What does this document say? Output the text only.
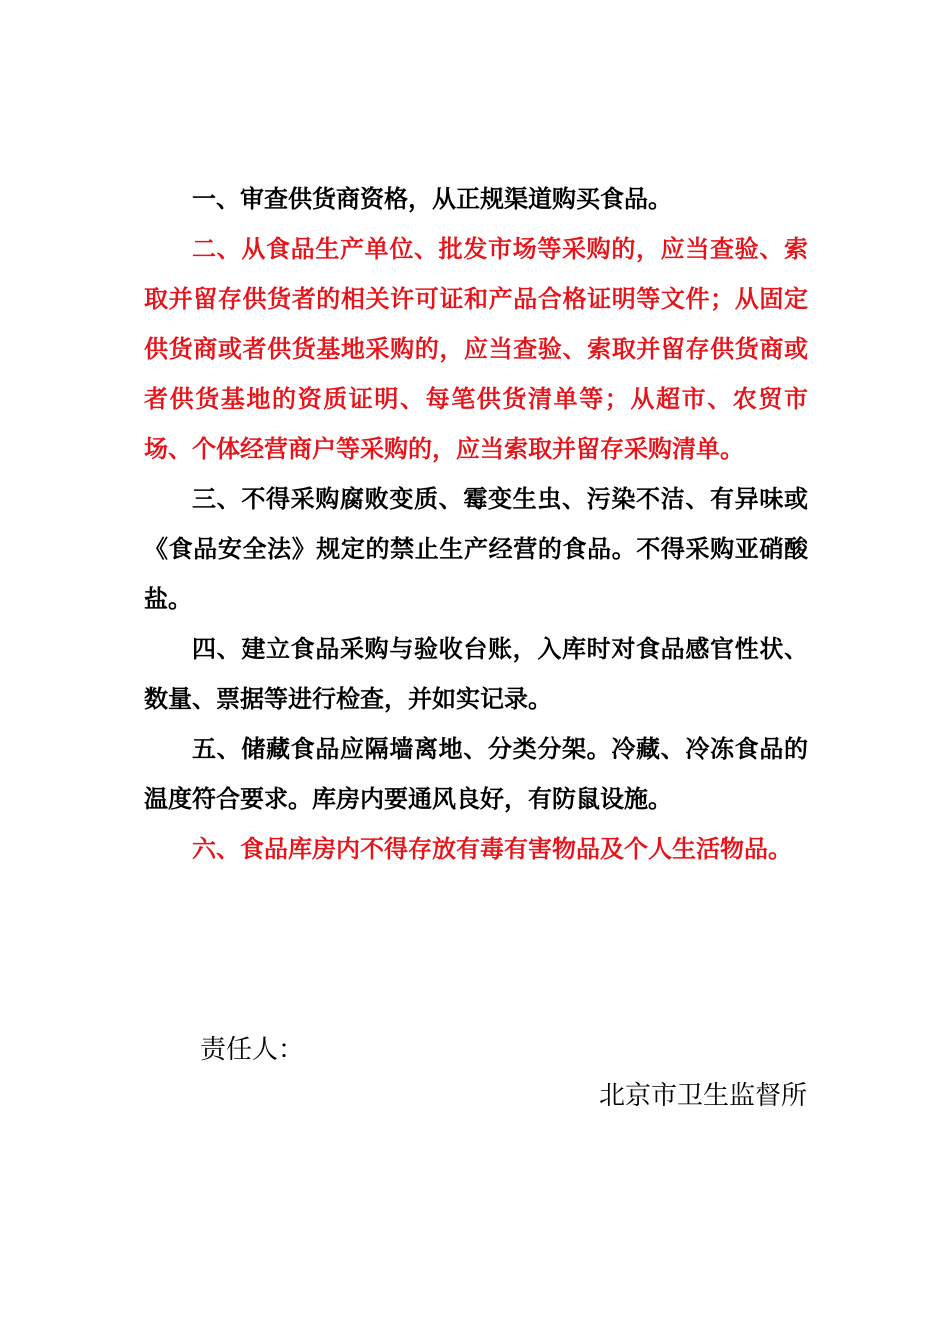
一、审查供货商资格，从正规渠道购买食品。

二、从食品生产单位、批发市场等采购的，应当查验、索取并留存供货者的相关许可证和产品合格证明等文件；从固定供货商或者供货基地采购的，应当查验、索取并留存供货商或者供货基地的资质证明、每笔供货清单等；从超市、农贸市场、个体经营商户等采购的，应当索取并留存采购清单。

三、不得采购腐败变质、霉变生虫、污染不洁、有异味或《食品安全法》规定的禁止生产经营的食品。不得采购亚硝酸盐。

四、建立食品采购与验收台账，入库时对食品感官性状、数量、票据等进行检查，并如实记录。

五、储藏食品应隔墙离地、分类分架。冷藏、冷冻食品的温度符合要求。库房内要通风良好，有防鼠设施。

六、食品库房内不得存放有毒有害物品及个人生活物品。

责任人：
北京市卫生监督所
